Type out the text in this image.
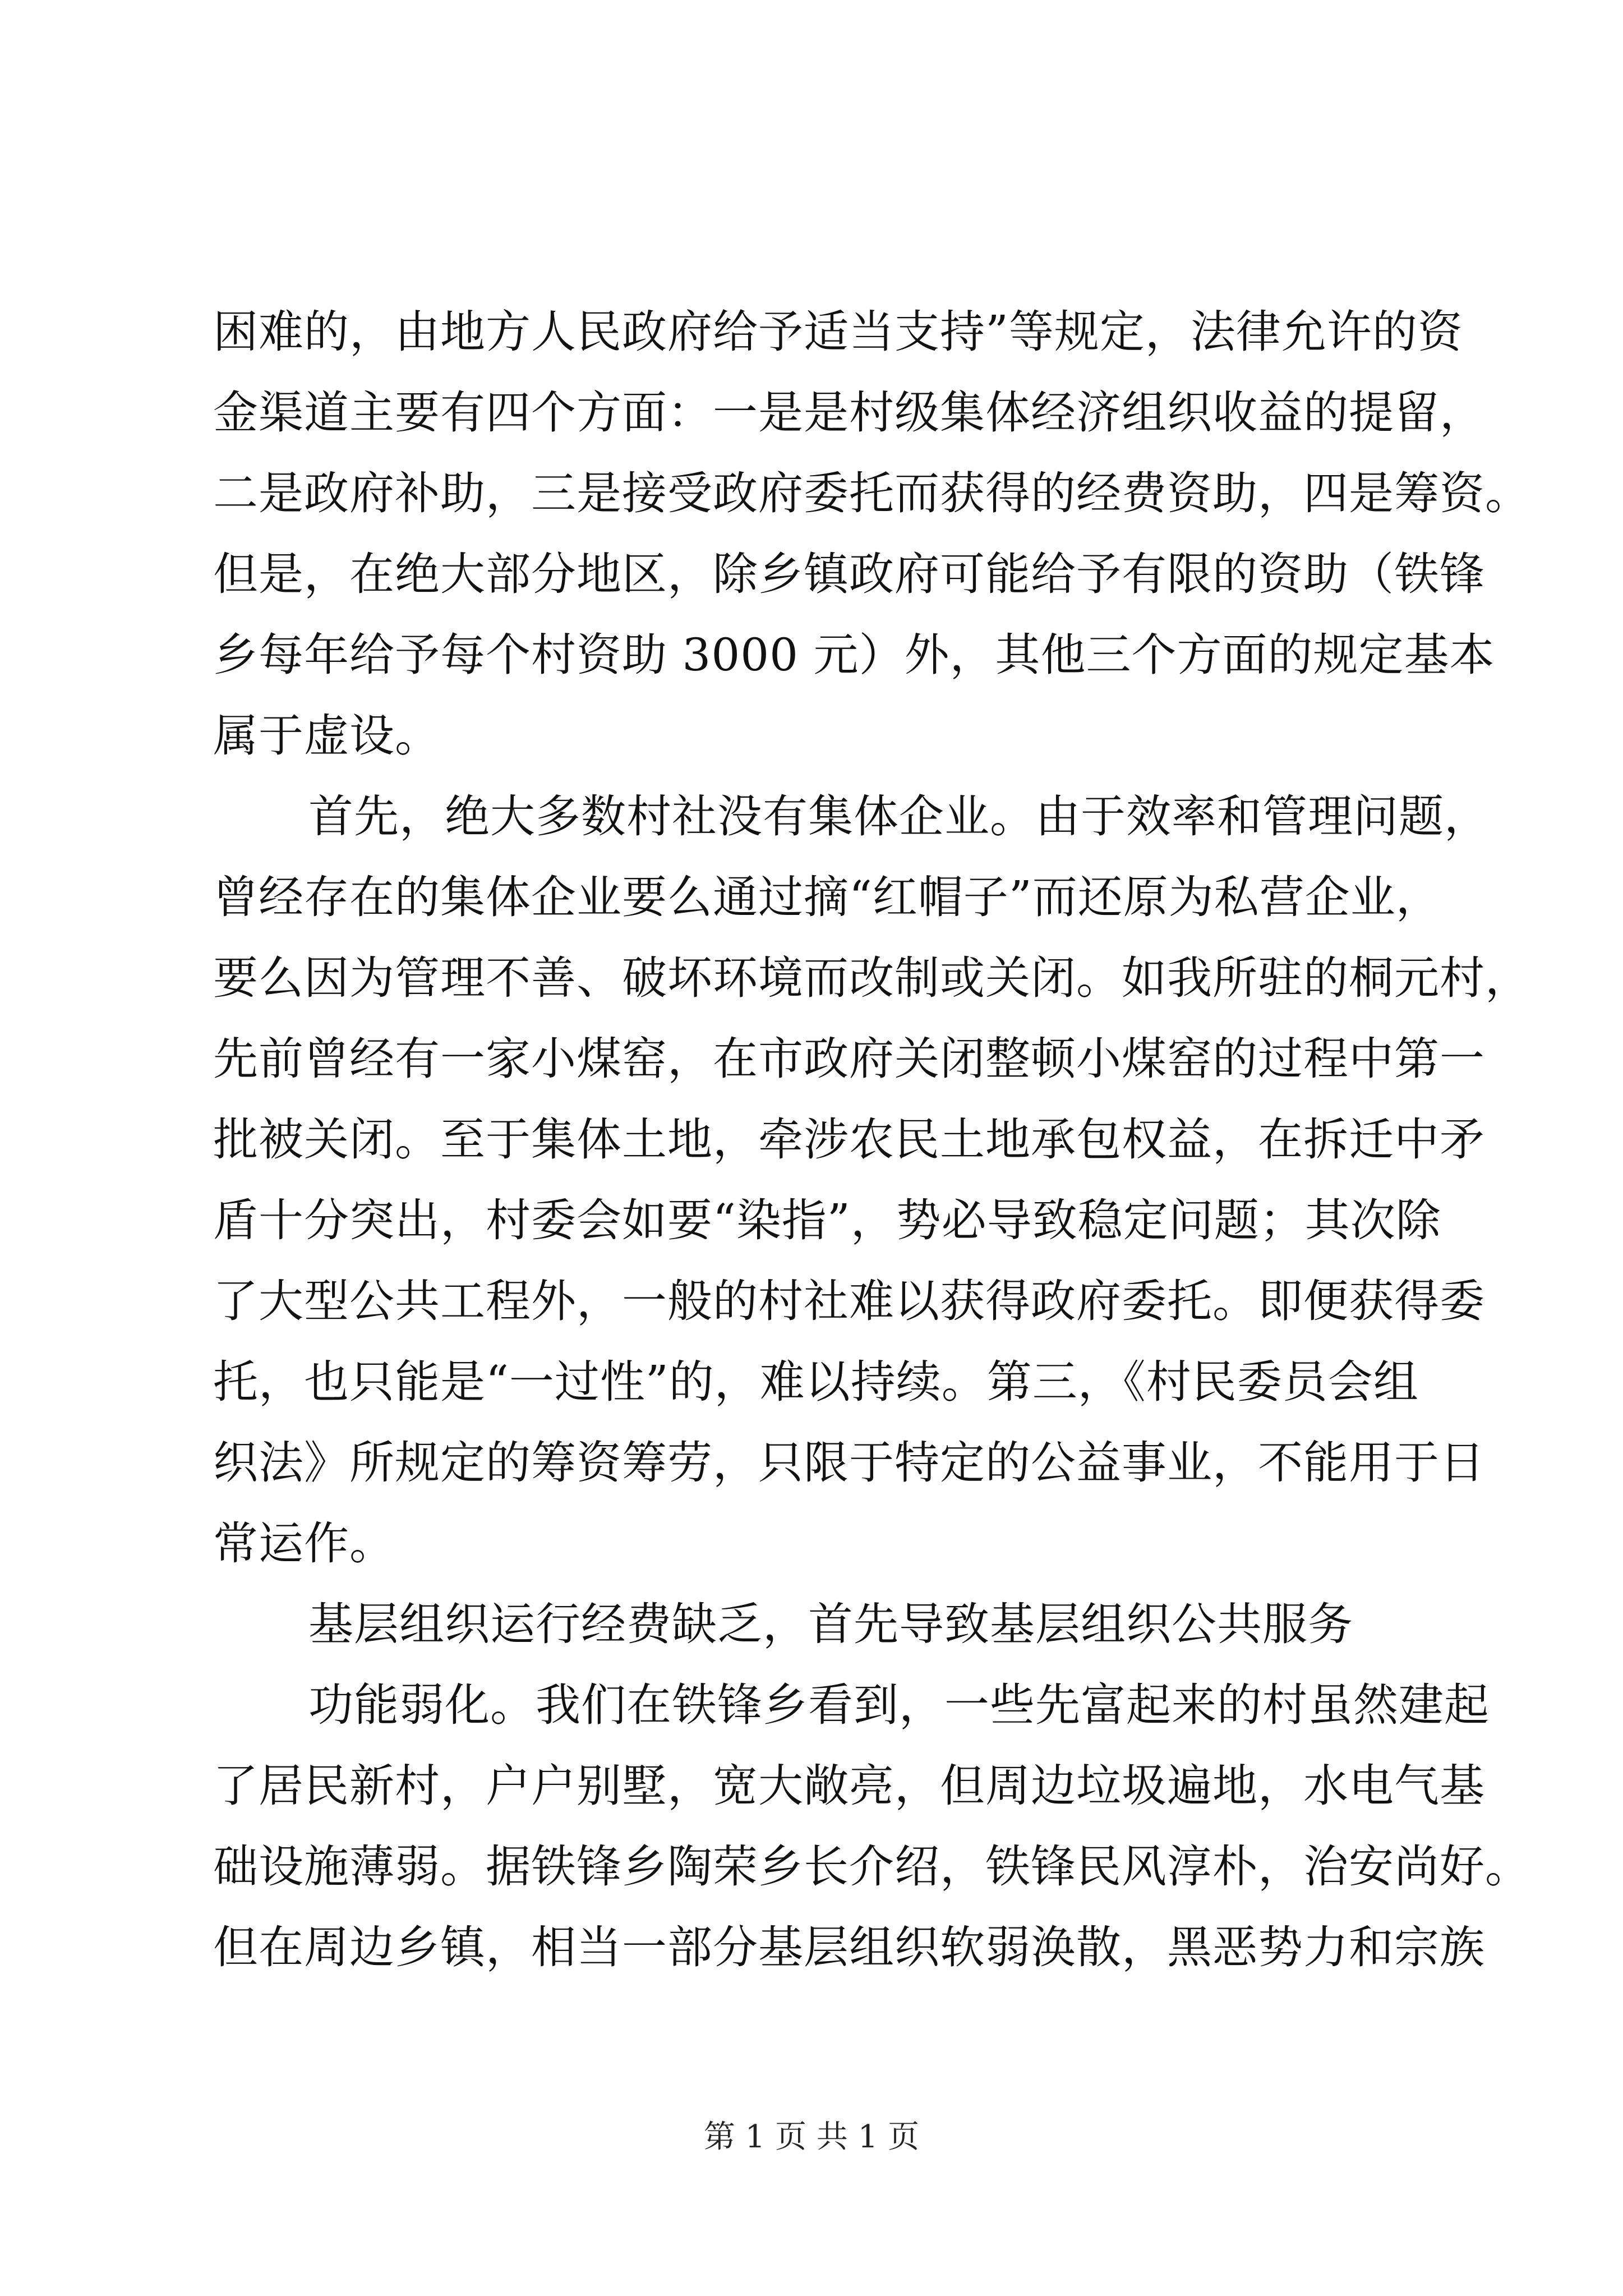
困难的，由地方人民政府给予适当支持”等规定，法律允许的资
金渠道主要有四个方面：一是是村级集体经济组织收益的提留，
二是政府补助，三是接受政府委托而获得的经费资助，四是筹资。
但是，在绝大部分地区，除乡镇政府可能给予有限的资助（铁锋
乡每年给予每个村资助 3000 元）外，其他三个方面的规定基本
属于虚设。
首先，绝大多数村社没有集体企业。由于效率和管理问题，
曾经存在的集体企业要么通过摘“红帽子”而还原为私营企业，
要么因为管理不善、破坏环境而改制或关闭。如我所驻的桐元村，
先前曾经有一家小煤窑，在市政府关闭整顿小煤窑的过程中第一
批被关闭。至于集体土地，牵涉农民土地承包权益，在拆迁中矛
盾十分突出，村委会如要“染指”，势必导致稳定问题；其次除
了大型公共工程外，一般的村社难以获得政府委托。即便获得委
托，也只能是“一过性”的，难以持续。第三，《村民委员会组
织法》所规定的筹资筹劳，只限于特定的公益事业，不能用于日
常运作。
基层组织运行经费缺乏，首先导致基层组织公共服务
功能弱化。我们在铁锋乡看到，一些先富起来的村虽然建起
了居民新村，户户别墅，宽大敞亮，但周边垃圾遍地，水电气基
础设施薄弱。据铁锋乡陶荣乡长介绍，铁锋民风淳朴，治安尚好。
但在周边乡镇，相当一部分基层组织软弱涣散，黑恶势力和宗族
第 1 页 共 1 页
